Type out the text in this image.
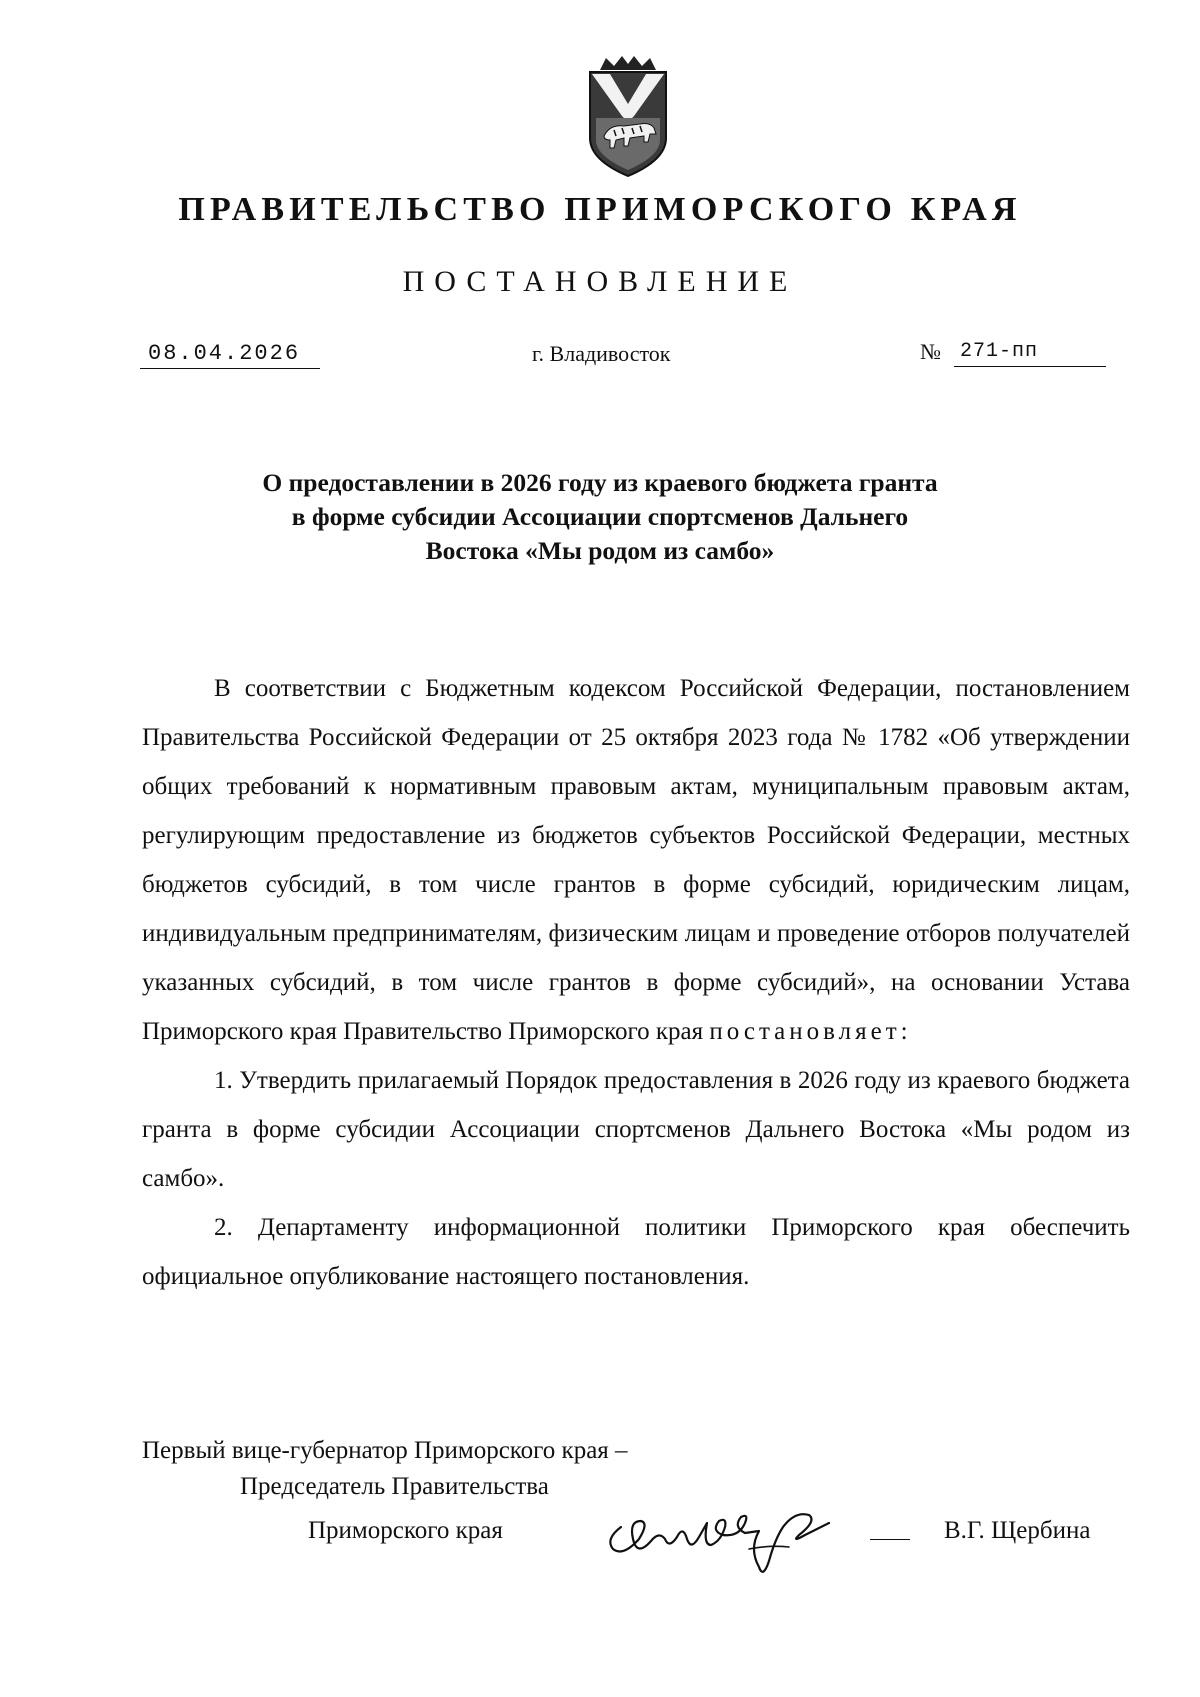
ПРАВИТЕЛЬСТВО ПРИМОРСКОГО КРАЯ
ПОСТАНОВЛЕНИЕ
08.04.2026	г. Владивосток	№ 271-пп
О предоставлении в 2026 году из краевого бюджета гранта
в форме субсидии Ассоциации спортсменов Дальнего
Востока «Мы родом из самбо»

В соответствии с Бюджетным кодексом Российской Федерации, постановлением Правительства Российской Федерации от 25 октября 2023 года № 1782 «Об утверждении общих требований к нормативным правовым актам, муниципальным правовым актам, регулирующим предоставление из бюджетов субъектов Российской Федерации, местных бюджетов субсидий, в том числе грантов в форме субсидий, юридическим лицам, индивидуальным предпринимателям, физическим лицам и проведение отборов получателей указанных субсидий, в том числе грантов в форме субсидий», на основании Устава Приморского края Правительство Приморского края постановляет:

1. Утвердить прилагаемый Порядок предоставления в 2026 году из краевого бюджета гранта в форме субсидии Ассоциации спортсменов Дальнего Востока «Мы родом из самбо».

2. Департаменту информационной политики Приморского края обеспечить официальное опубликование настоящего постановления.

Первый вице-губернатор Приморского края –
Председатель Правительства
Приморского края	В.Г. Щербина
